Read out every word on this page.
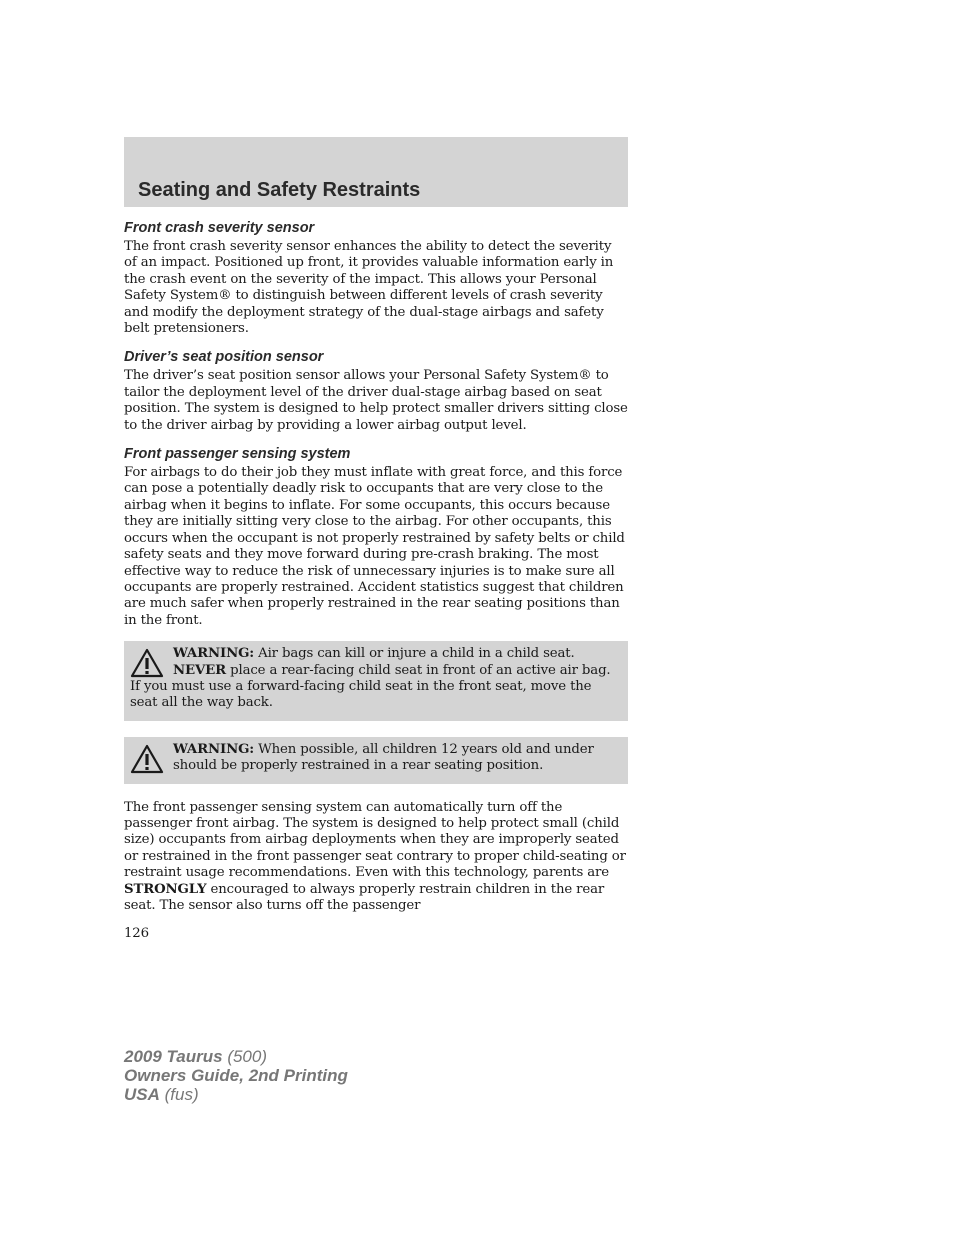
Seating and Safety Restraints
Front crash severity sensor

The front crash severity sensor enhances the ability to detect the severity of an impact. Positioned up front, it provides valuable information early in the crash event on the severity of the impact. This allows your Personal Safety System® to distinguish between different levels of crash severity and modify the deployment strategy of the dual-stage airbags and safety belt pretensioners.

Driver’s seat position sensor

The driver’s seat position sensor allows your Personal Safety System® to tailor the deployment level of the driver dual-stage airbag based on seat position. The system is designed to help protect smaller drivers sitting close to the driver airbag by providing a lower airbag output level.

Front passenger sensing system

For airbags to do their job they must inflate with great force, and this force can pose a potentially deadly risk to occupants that are very close to the airbag when it begins to inflate. For some occupants, this occurs because they are initially sitting very close to the airbag. For other occupants, this occurs when the occupant is not properly restrained by safety belts or child safety seats and they move forward during pre-crash braking. The most effective way to reduce the risk of unnecessary injuries is to make sure all occupants are properly restrained. Accident statistics suggest that children are much safer when properly restrained in the rear seating positions than in the front.

WARNING: Air bags can kill or injure a child in a child seat. NEVER place a rear-facing child seat in front of an active air bag. If you must use a forward-facing child seat in the front seat, move the seat all the way back.
WARNING: When possible, all children 12 years old and under should be properly restrained in a rear seating position.

The front passenger sensing system can automatically turn off the passenger front airbag. The system is designed to help protect small (child size) occupants from airbag deployments when they are improperly seated or restrained in the front passenger seat contrary to proper child-seating or restraint usage recommendations. Even with this technology, parents are STRONGLY encouraged to always properly restrain children in the rear seat. The sensor also turns off the passenger

126

2009 Taurus (500)
Owners Guide, 2nd Printing
USA (fus)
